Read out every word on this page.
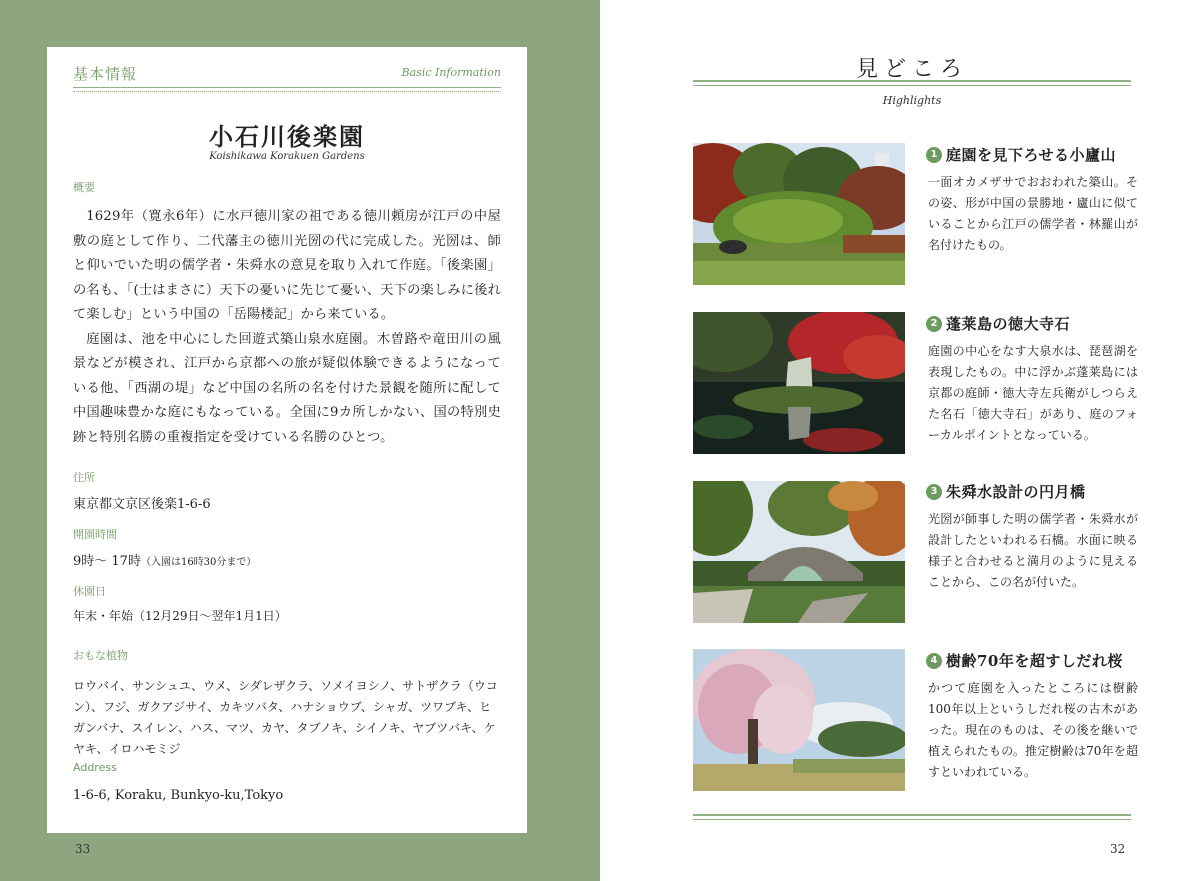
基本情報	Basic Information
小石川後楽園
Koishikawa Korakuen Gardens
概要

1629年（寛永6年）に水戸徳川家の祖である徳川頼房が江戸の中屋敷の庭として作り、二代藩主の徳川光圀の代に完成した。光圀は、師と仰いでいた明の儒学者・朱舜水の意見を取り入れて作庭。「後楽園」の名も、「(士はまさに）天下の憂いに先じて憂い、天下の楽しみに後れて楽しむ」という中国の「岳陽楼記」から来ている。

庭園は、池を中心にした回遊式築山泉水庭園。木曽路や竜田川の風景などが模され、江戸から京都への旅が疑似体験できるようになっている他、「西湖の堤」など中国の名所の名を付けた景観を随所に配して中国趣味豊かな庭にもなっている。全国に9カ所しかない、国の特別史跡と特別名勝の重複指定を受けている名勝のひとつ。

住所
東京都文京区後楽1-6-6
開園時間
9時～ 17時（入園は16時30分まで）
休園日
年末・年始（12月29日～翌年1月1日）
おもな植物
ロウバイ、サンシュユ、ウメ、シダレザクラ、ソメイヨシノ、サトザクラ（ウコン）、フジ、ガクアジサイ、カキツバタ、ハナショウブ、シャガ、ツワブキ、ヒガンバナ、スイレン、ハス、マツ、カヤ、タブノキ、シイノキ、ヤブツバキ、ケヤキ、イロハモミジ
Address
1-6-6, Koraku, Bunkyo-ku,Tokyo
33
見どころ
Highlights
1 庭園を見下ろせる小廬山
一面オカメザサでおおわれた築山。その姿、形が中国の景勝地・廬山に似ていることから江戸の儒学者・林羅山が名付けたもの。
2 蓬莱島の徳大寺石
庭園の中心をなす大泉水は、琵琶湖を表現したもの。中に浮かぶ蓬莱島には京都の庭師・徳大寺左兵衛がしつらえた名石「徳大寺石」があり、庭のフォーカルポイントとなっている。
3 朱舜水設計の円月橋
光圀が師事した明の儒学者・朱舜水が設計したといわれる石橋。水面に映る様子と合わせると満月のように見えることから、この名が付いた。
4 樹齢70年を超すしだれ桜
かつて庭園を入ったところには樹齢100年以上というしだれ桜の古木があった。現在のものは、その後を継いで植えられたもの。推定樹齢は70年を超すといわれている。
32
